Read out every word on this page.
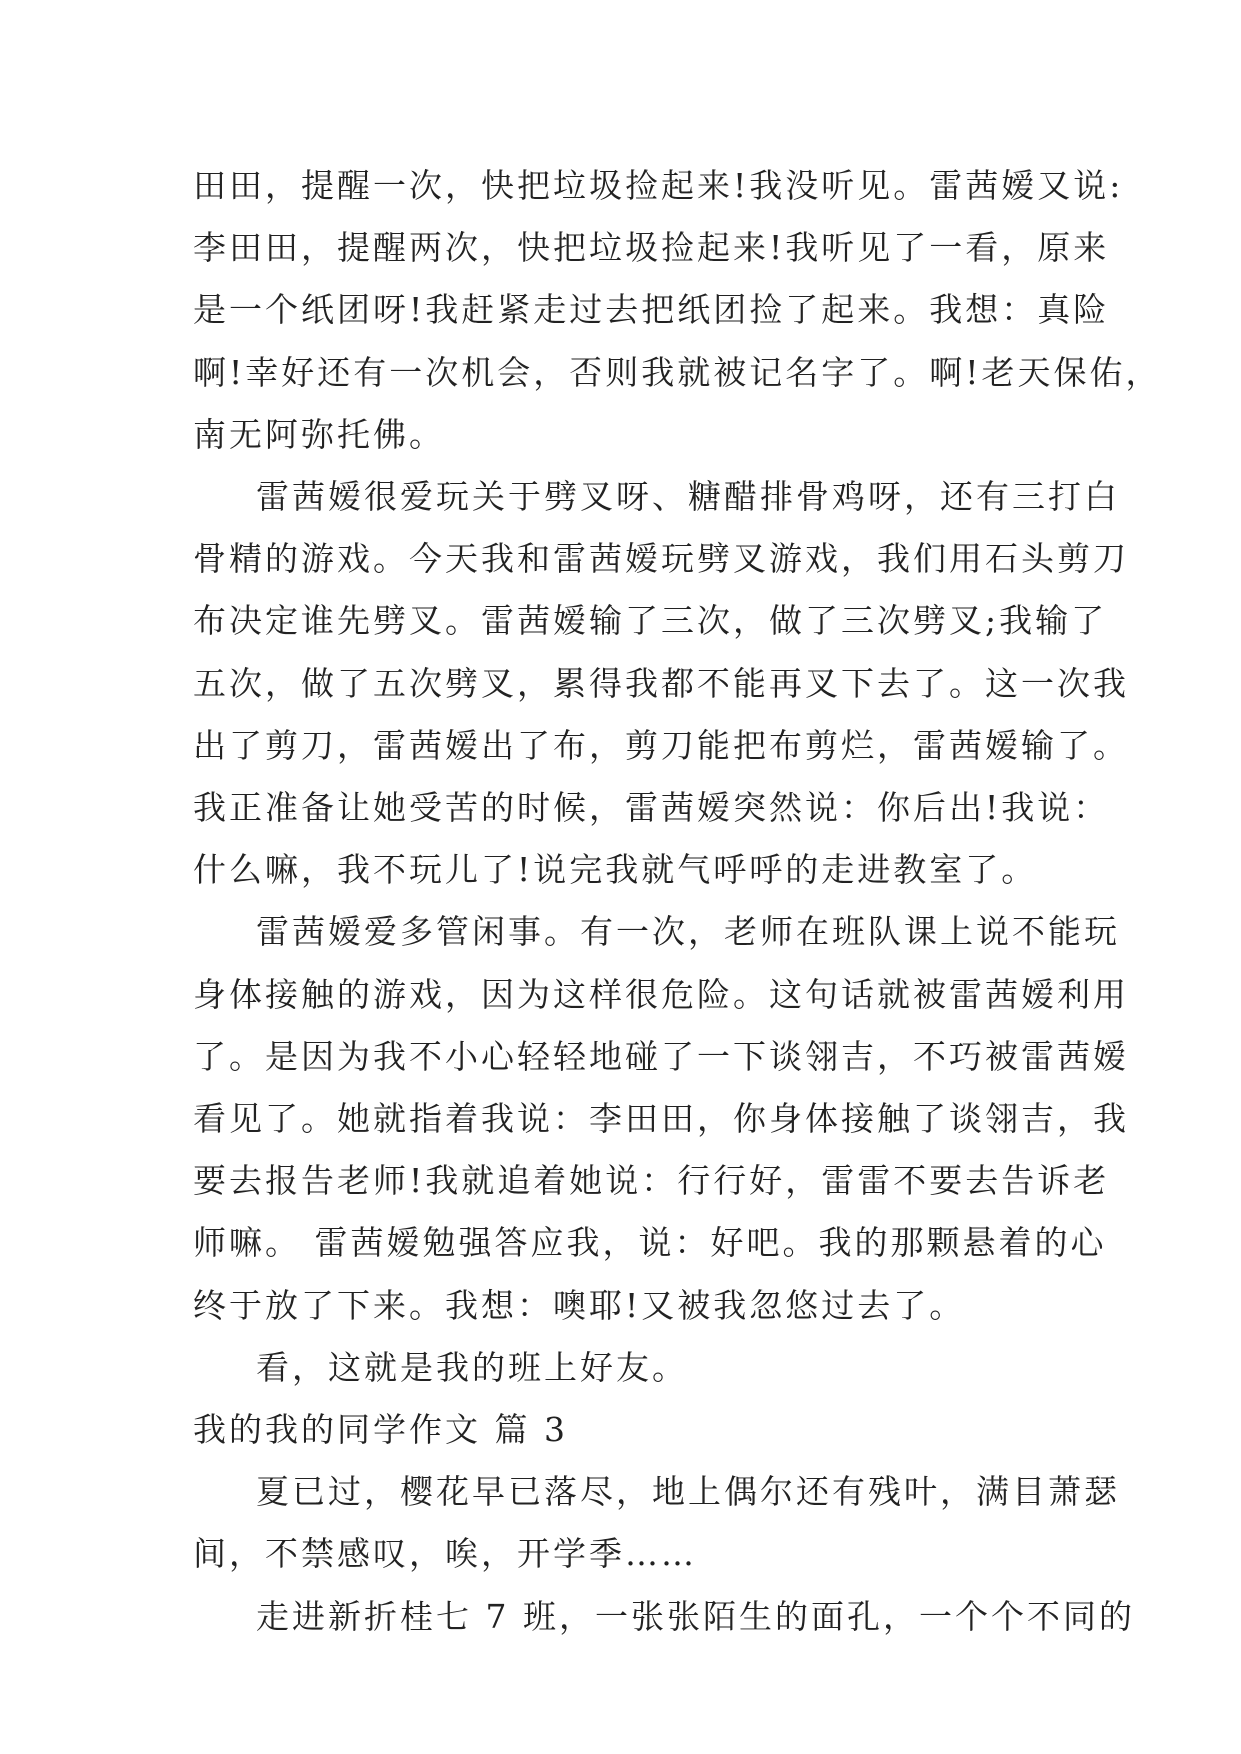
田田，提醒一次，快把垃圾捡起来!我没听见。雷茜嫒又说:
李田田，提醒两次，快把垃圾捡起来!我听见了一看，原来
是一个纸团呀!我赶紧走过去把纸团捡了起来。我想：真险
啊!幸好还有一次机会，否则我就被记名字了。啊!老天保佑，
南无阿弥托佛。
雷茜嫒很爱玩关于劈叉呀、糖醋排骨鸡呀，还有三打白
骨精的游戏。今天我和雷茜嫒玩劈叉游戏，我们用石头剪刀
布决定谁先劈叉。雷茜嫒输了三次，做了三次劈叉;我输了
五次，做了五次劈叉，累得我都不能再叉下去了。这一次我
出了剪刀，雷茜嫒出了布，剪刀能把布剪烂，雷茜嫒输了。
我正准备让她受苦的时候，雷茜嫒突然说：你后出!我说：
什么嘛，我不玩儿了!说完我就气呼呼的走进教室了。
雷茜嫒爱多管闲事。有一次，老师在班队课上说不能玩
身体接触的游戏，因为这样很危险。这句话就被雷茜嫒利用
了。是因为我不小心轻轻地碰了一下谈翎吉，不巧被雷茜嫒
看见了。她就指着我说：李田田，你身体接触了谈翎吉，我
要去报告老师!我就追着她说：行行好，雷雷不要去告诉老
师嘛。 雷茜嫒勉强答应我，说：好吧。我的那颗悬着的心
终于放了下来。我想：噢耶!又被我忽悠过去了。
看，这就是我的班上好友。
我的我的同学作文 篇 3
夏已过，樱花早已落尽，地上偶尔还有残叶，满目萧瑟
间，不禁感叹，唉，开学季……
走进新折桂七 7 班，一张张陌生的面孔，一个个不同的
